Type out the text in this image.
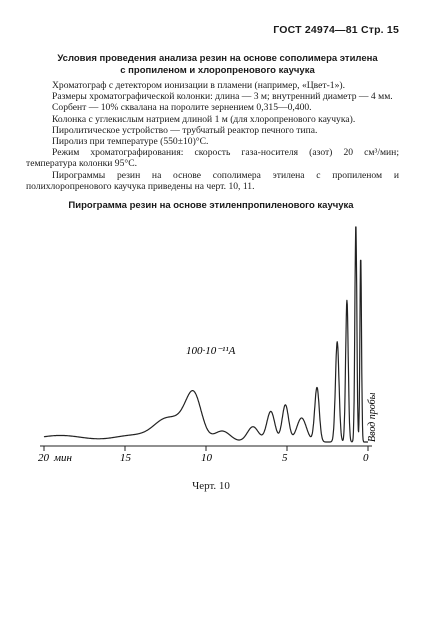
ГОСТ 24974—81 Стр. 15
Условия проведения анализа резин на основе сополимера этилена
с пропиленом и хлоропренового каучука

Хроматограф с детектором ионизации в пламени (например, «Цвет-1»).

Размеры хроматографической колонки: длина — 3 м; внутренний диаметр — 4 мм.

Сорбент — 10% сквалана на поролите зернением 0,315—0,400.

Колонка с углекислым натрием длиной 1 м (для хлоропренового каучука).

Пиролитическое устройство — трубчатый реактор печного типа.

Пиролиз при температуре (550±10)°С.

Режим хроматографирования: скорость газа-носителя (азот) 20 см³/мин; температура колонки 95°С.

Пирограммы резин на основе сополимера этилена с пропиленом и полихлоропренового каучука приведены на черт. 10, 11.

Пирограмма резин на основе этиленпропиленового каучука
20	15	10	5	0
мин
100·10⁻¹¹А
Ввод пробы
Черт. 10
